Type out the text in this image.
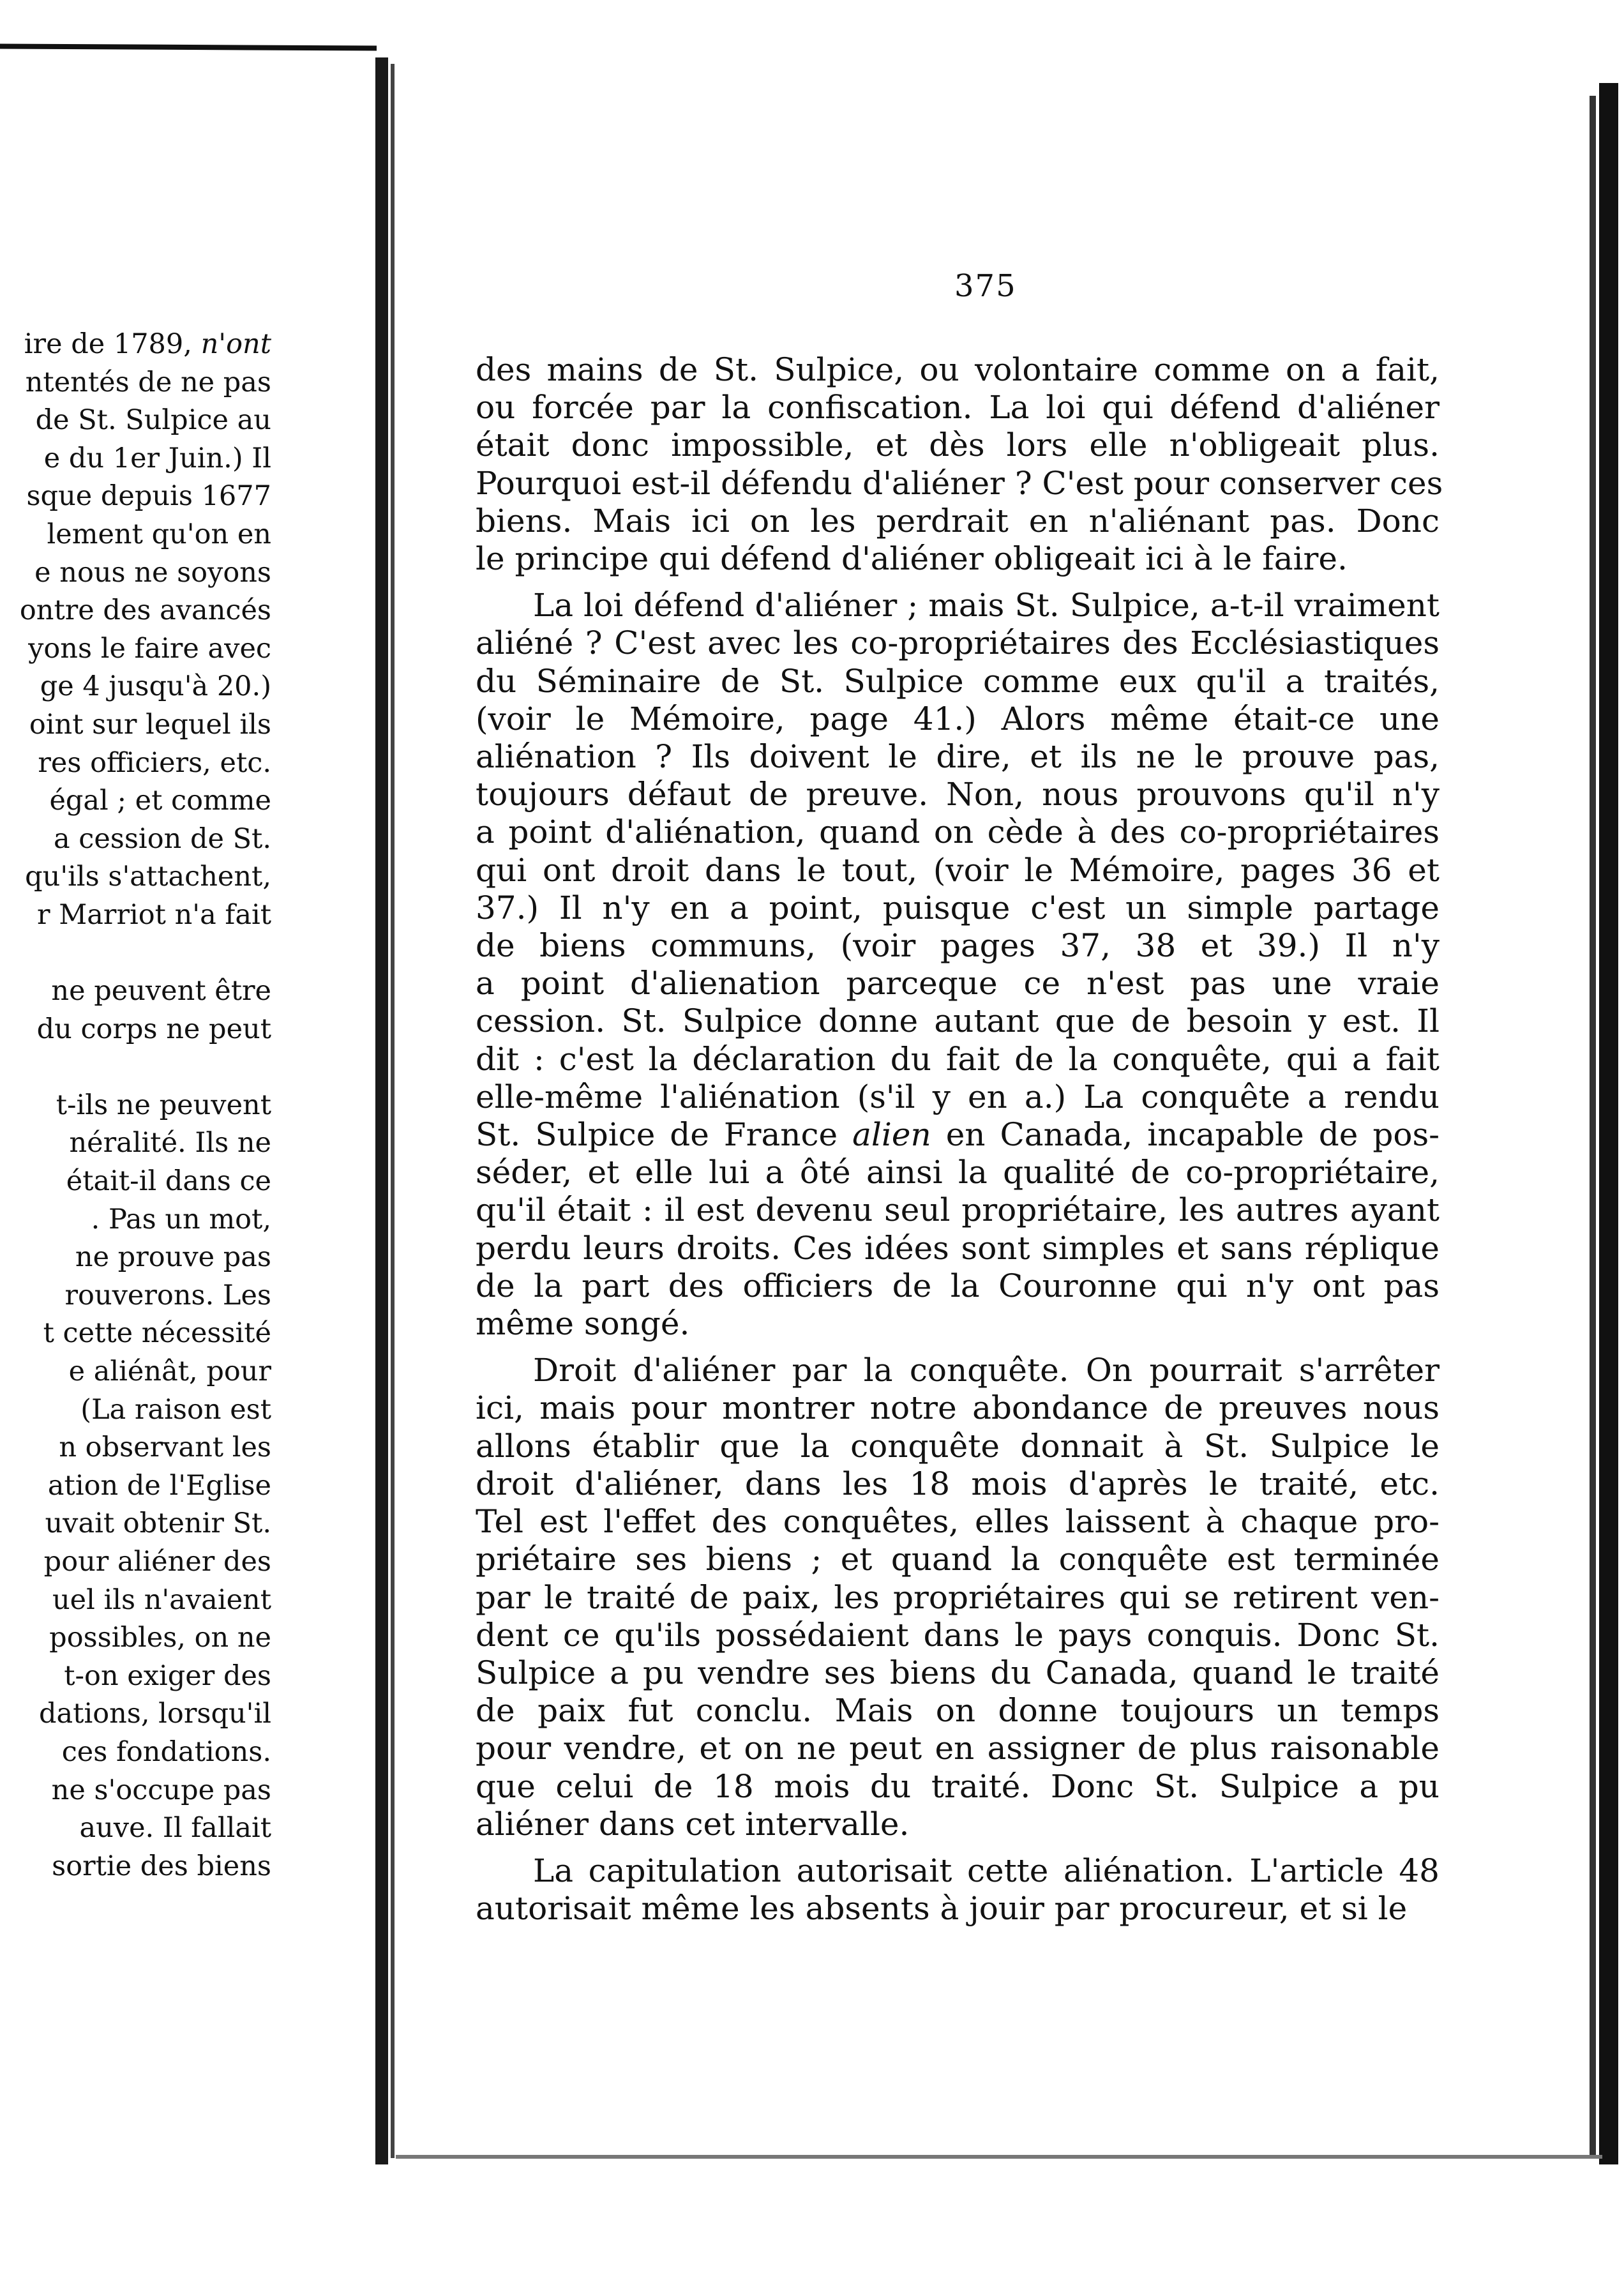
ire de 1789, n'ont
ntentés de ne pas
de St. Sulpice au
e du 1er Juin.) Il
sque depuis 1677
lement qu'on en
e nous ne soyons
ontre des avancés
yons le faire avec
ge 4 jusqu'à 20.)
oint sur lequel ils
res officiers, etc.
égal ; et comme
a cession de St.
qu'ils s'attachent,
r Marriot n'a fait
ne peuvent être
du corps ne peut
t-ils ne peuvent
néralité. Ils ne
était-il dans ce
. Pas un mot,
ne prouve pas
rouverons. Les
t cette nécessité
e aliénât, pour
(La raison est
n observant les
ation de l'Eglise
uvait obtenir St.
pour aliéner des
uel ils n'avaient
possibles, on ne
t-on exiger des
dations, lorsqu'il
ces fondations.
ne s'occupe pas
auve. Il fallait
sortie des biens
375
des mains de St. Sulpice, ou volontaire comme on a fait,
ou forcée par la confiscation. La loi qui défend d'aliéner
était donc impossible, et dès lors elle n'obligeait plus.
Pourquoi est-il défendu d'aliéner ? C'est pour conserver ces
biens. Mais ici on les perdrait en n'aliénant pas. Donc
le principe qui défend d'aliéner obligeait ici à le faire.
La loi défend d'aliéner ; mais St. Sulpice, a-t-il vraiment
aliéné ? C'est avec les co-propriétaires des Ecclésiastiques
du Séminaire de St. Sulpice comme eux qu'il a traités,
(voir le Mémoire, page 41.) Alors même était-ce une
aliénation ? Ils doivent le dire, et ils ne le prouve pas,
toujours défaut de preuve. Non, nous prouvons qu'il n'y
a point d'aliénation, quand on cède à des co-propriétaires
qui ont droit dans le tout, (voir le Mémoire, pages 36 et
37.) Il n'y en a point, puisque c'est un simple partage
de biens communs, (voir pages 37, 38 et 39.) Il n'y
a point d'alienation parceque ce n'est pas une vraie
cession. St. Sulpice donne autant que de besoin y est. Il
dit : c'est la déclaration du fait de la conquête, qui a fait
elle-même l'aliénation (s'il y en a.) La conquête a rendu
St. Sulpice de France alien en Canada, incapable de pos-
séder, et elle lui a ôté ainsi la qualité de co-propriétaire,
qu'il était : il est devenu seul propriétaire, les autres ayant
perdu leurs droits. Ces idées sont simples et sans réplique
de la part des officiers de la Couronne qui n'y ont pas
même songé.
Droit d'aliéner par la conquête. On pourrait s'arrêter
ici, mais pour montrer notre abondance de preuves nous
allons établir que la conquête donnait à St. Sulpice le
droit d'aliéner, dans les 18 mois d'après le traité, etc.
Tel est l'effet des conquêtes, elles laissent à chaque pro-
priétaire ses biens ; et quand la conquête est terminée
par le traité de paix, les propriétaires qui se retirent ven-
dent ce qu'ils possédaient dans le pays conquis. Donc St.
Sulpice a pu vendre ses biens du Canada, quand le traité
de paix fut conclu. Mais on donne toujours un temps
pour vendre, et on ne peut en assigner de plus raisonable
que celui de 18 mois du traité. Donc St. Sulpice a pu
aliéner dans cet intervalle.
La capitulation autorisait cette aliénation. L'article 48
autorisait même les absents à jouir par procureur, et si le
